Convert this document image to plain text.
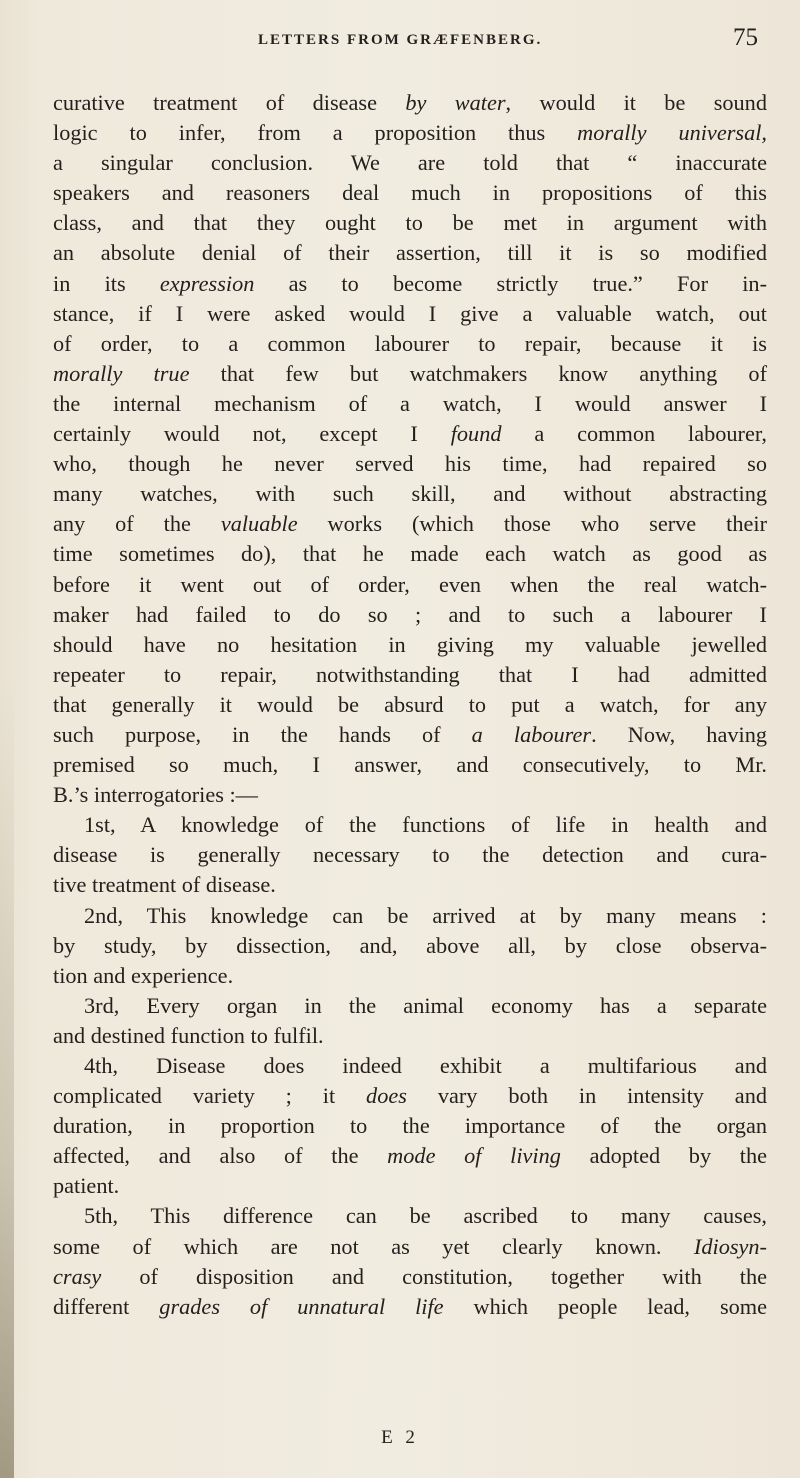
LETTERS FROM GRÆFENBERG.	75
curative treatment of disease by water, would it be sound
logic to infer, from a proposition thus morally universal,
a singular conclusion. We are told that “ inaccurate
speakers and reasoners deal much in propositions of this
class, and that they ought to be met in argument with
an absolute denial of their assertion, till it is so modified
in its expression as to become strictly true.” For in-
stance, if I were asked would I give a valuable watch, out
of order, to a common labourer to repair, because it is
morally true that few but watchmakers know anything of
the internal mechanism of a watch, I would answer I
certainly would not, except I found a common labourer,
who, though he never served his time, had repaired so
many watches, with such skill, and without abstracting
any of the valuable works (which those who serve their
time sometimes do), that he made each watch as good as
before it went out of order, even when the real watch-
maker had failed to do so ; and to such a labourer I
should have no hesitation in giving my valuable jewelled
repeater to repair, notwithstanding that I had admitted
that generally it would be absurd to put a watch, for any
such purpose, in the hands of a labourer. Now, having
premised so much, I answer, and consecutively, to Mr.
B.’s interrogatories :—
1st, A knowledge of the functions of life in health and
disease is generally necessary to the detection and cura-
tive treatment of disease.
2nd, This knowledge can be arrived at by many means :
by study, by dissection, and, above all, by close observa-
tion and experience.
3rd, Every organ in the animal economy has a separate
and destined function to fulfil.
4th, Disease does indeed exhibit a multifarious and
complicated variety ; it does vary both in intensity and
duration, in proportion to the importance of the organ
affected, and also of the mode of living adopted by the
patient.
5th, This difference can be ascribed to many causes,
some of which are not as yet clearly known. Idiosyn-
crasy of disposition and constitution, together with the
different grades of unnatural life which people lead, some
E 2
